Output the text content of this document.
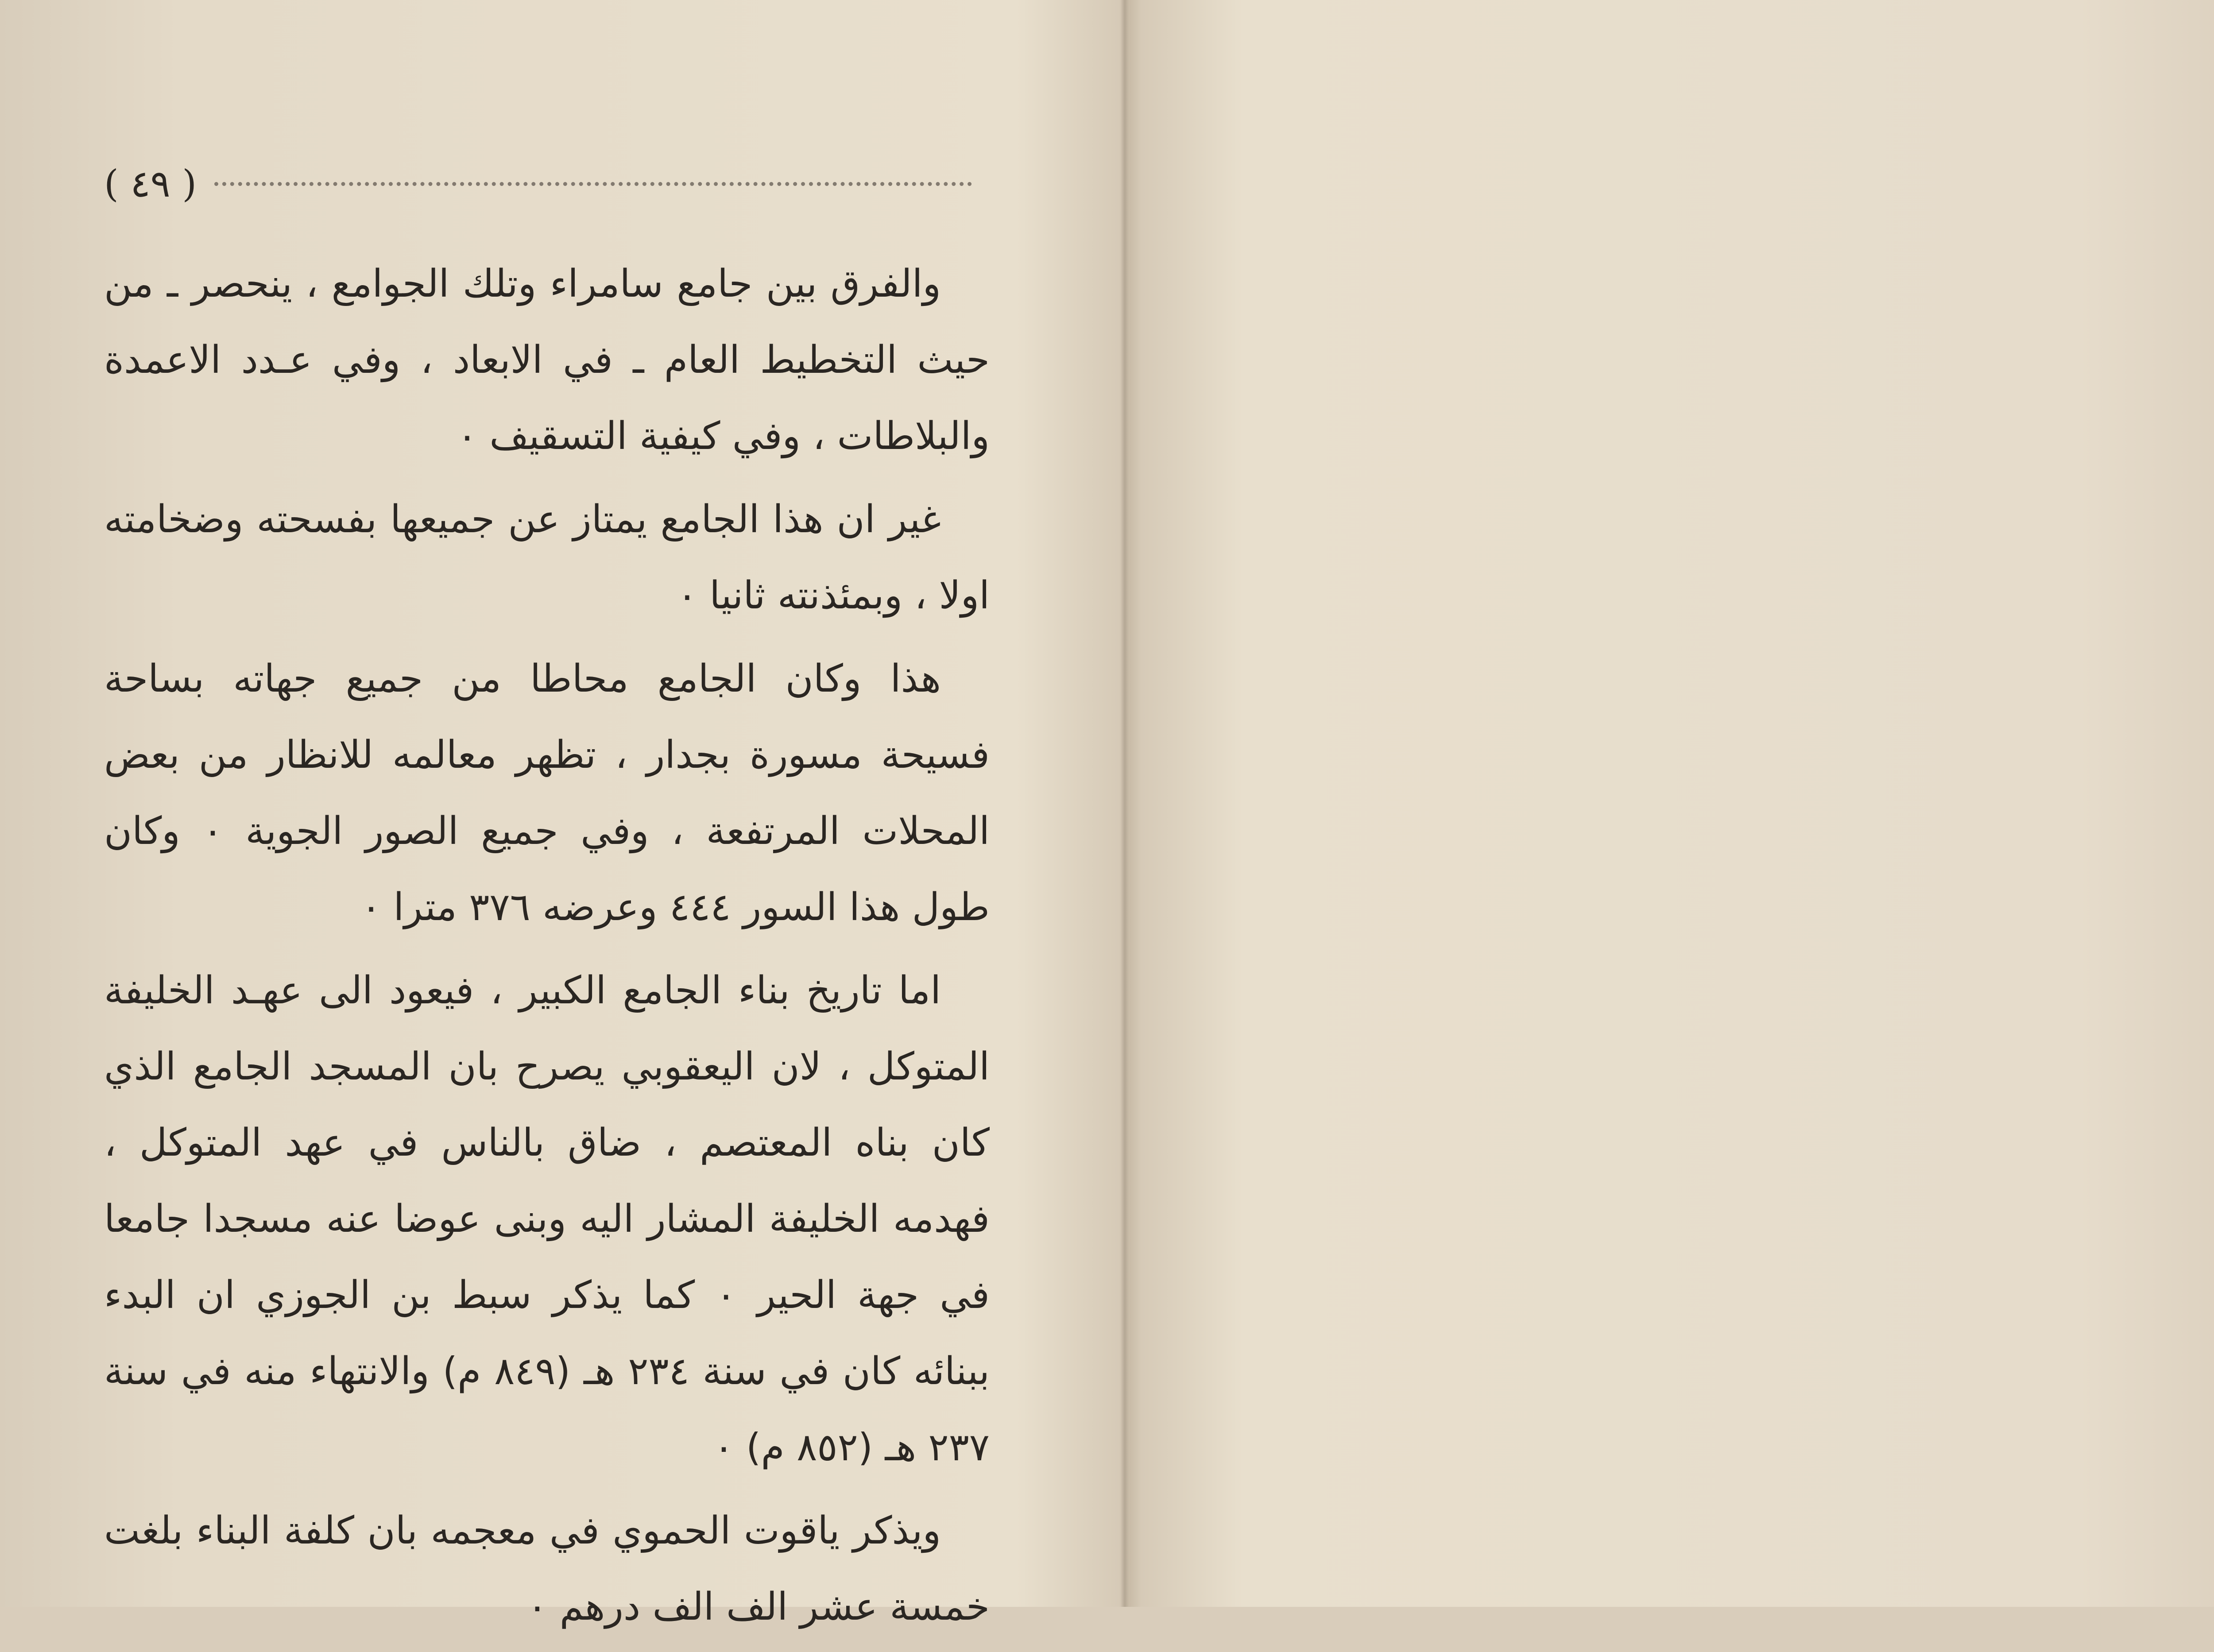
( ٤٩ )

والفرق بين جامع سامراء وتلك الجوامع ، ينحصر ـ من حيث التخطيط العام ـ في الابعاد ، وفي عـدد الاعمدة والبلاطات ، وفي كيفية التسقيف ٠

غير ان هذا الجامع يمتاز عن جميعها بفسحته وضخامته اولا ، وبمئذنته ثانيا ٠

هذا وكان الجامع محاطا من جميع جهاته بساحة فسيحة مسورة بجدار ، تظهر معالمه للانظار من بعض المحلات المرتفعة ، وفي جميع الصور الجوية ٠ وكان طول هذا السور ٤٤٤ وعرضه ٣٧٦ مترا ٠

اما تاريخ بناء الجامع الكبير ، فيعود الى عهـد الخليفة المتوكل ، لان اليعقوبي يصرح بان المسجد الجامع الذي كان بناه المعتصم ، ضاق بالناس في عهد المتوكل ، فهدمه الخليفة المشار اليه وبنى عوضا عنه مسجدا جامعا في جهة الحير ٠ كما يذكر سبط بن الجوزي ان البدء ببنائه كان في سنة ٢٣٤ هـ (٨٤٩ م) والانتهاء منه في سنة ٢٣٧ هـ (٨٥٢ م) ٠

ويذكر ياقوت الحموي في معجمه بان كلفة البناء بلغت خمسة عشر الف الف درهم ٠
